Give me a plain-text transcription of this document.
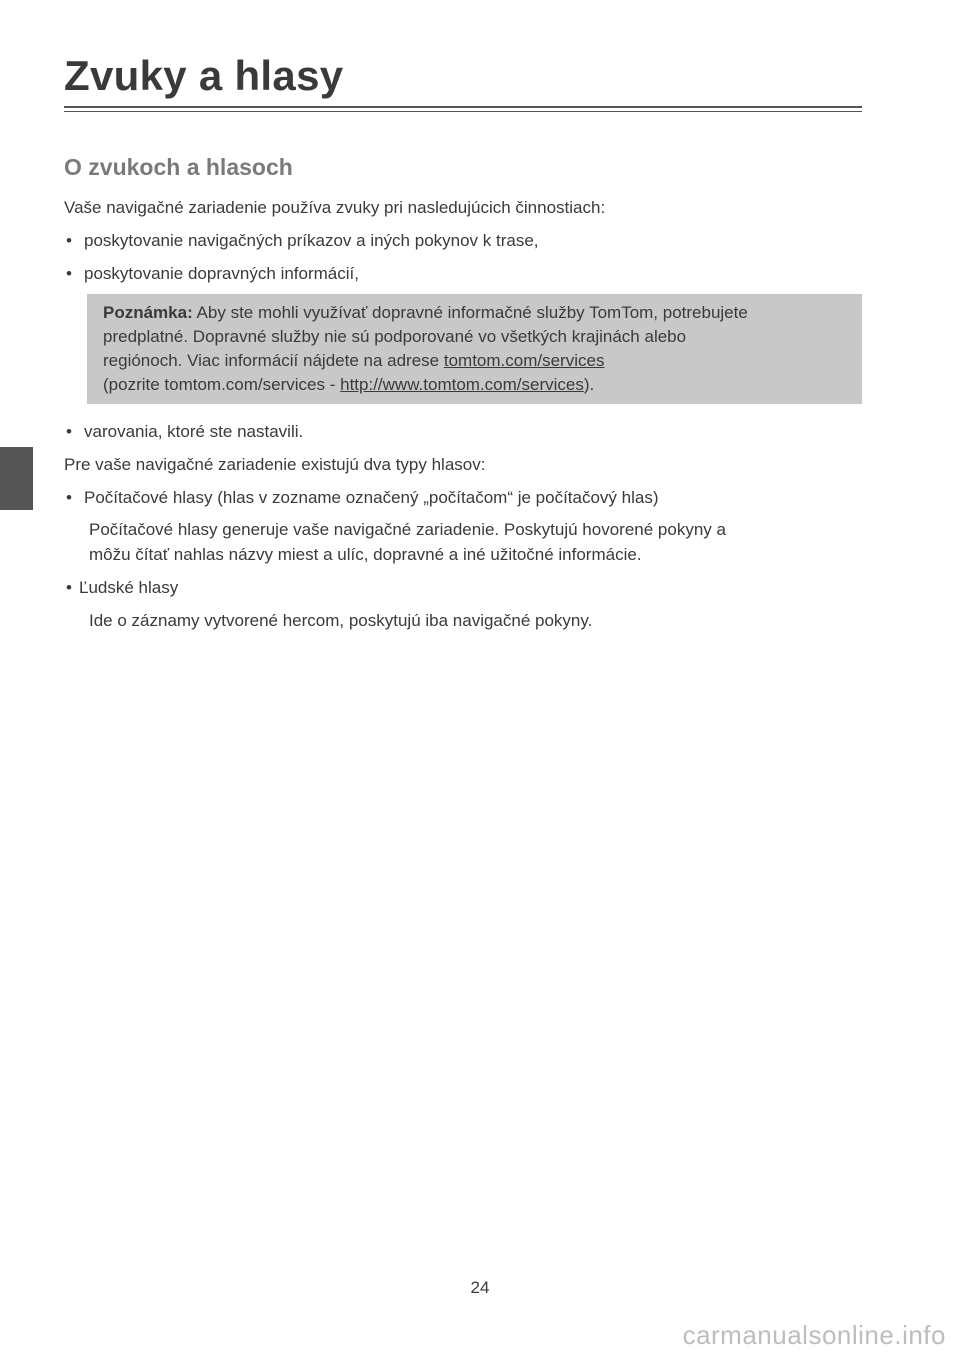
Zvuky a hlasy
O zvukoch a hlasoch
Vaše navigačné zariadenie používa zvuky pri nasledujúcich činnostiach:
• poskytovanie navigačných príkazov a iných pokynov k trase,
• poskytovanie dopravných informácií,
Poznámka: Aby ste mohli využívať dopravné informačné služby TomTom, potrebujete
predplatné. Dopravné služby nie sú podporované vo všetkých krajinách alebo
regiónoch. Viac informácií nájdete na adrese tomtom.com/services
(pozrite tomtom.com/services - http://www.tomtom.com/services).
• varovania, ktoré ste nastavili.
Pre vaše navigačné zariadenie existujú dva typy hlasov:
• Počítačové hlasy (hlas v zozname označený „počítačom“ je počítačový hlas)
Počítačové hlasy generuje vaše navigačné zariadenie. Poskytujú hovorené pokyny a
môžu čítať nahlas názvy miest a ulíc, dopravné a iné užitočné informácie.
• Ľudské hlasy
Ide o záznamy vytvorené hercom, poskytujú iba navigačné pokyny.
24
carmanualsonline.info
